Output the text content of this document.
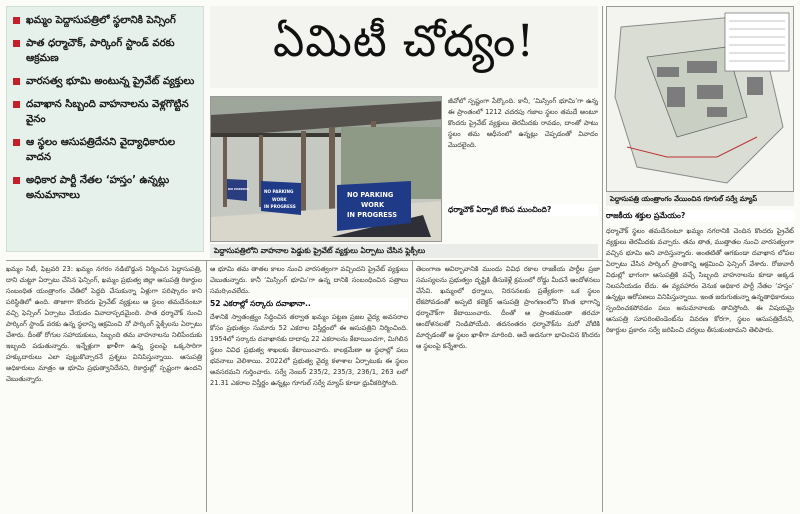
ఖమ్మం పెద్దాసుపత్రిలో స్థలానికి పెన్సింగ్‌
పాత ధర్మాచౌక్‌, పార్కింగ్‌ స్టాండ్‌ వరకు ఆక్రమణ
వారసత్వ భూమి అంటున్న ప్రైవేట్‌ వ్యక్తులు
దవాఖాన సిబ్బంది వాహనాలను వెళ్లగొట్టిన వైనం
ఆ స్థలం ఆసుపత్రిదేనని వైద్యాధికారుల వాదన
అధికార పార్టీ నేతల ‘హస్తం’ ఉన్నట్లు అనుమానాలు
ఏమిటీ చోద్యం!
NO PARKING
WORK
IN PROGRESS
NO PARKING
WORK
IN PROGRESS
NO PARKING

జీవోలో స్పష్టంగా పేర్కొంది. కానీ, ‘మిస్సింగ్‌ భూమి’గా ఉన్న ఈ ప్రాంతంలో 1212 చదరపు గజాల స్థలం తమదే అంటూ కొందరు ప్రైవేట్‌ వ్యక్తులు తెరమీదకు రావడం, దాంతో పాటు స్థలం తమ ఆధీనంలో ఉన్నట్లు చెప్పడంతో వివాదం మొదలైంది.

ధర్మాచౌక్‌ ఏర్పాటే కొంప ముంచింది?
పెద్దాసుపత్రిలోని వాహనాల పెడ్డుకు ప్రైవేట్‌ వ్యక్తులు ఏర్పాటు చేసిన ఫ్లెక్సీలు
పెద్దాసుపత్రి యంత్రాంగం వేయించిన గూగుల్‌ సర్వే మ్యాప్‌
రాజకీయ శక్తుల ప్రమేయం?

ఖమ్మం సిటీ, ఫిబ్రవరి 23: ఖమ్మం నగరం నడిబొడ్డున నిర్మించిన పెద్దాసుపత్రి, దాని చుట్టూ ఏర్పాటు చేసిన ఫెన్సింగ్‌, ఖమ్మం ప్రభుత్వ జిల్లా ఆసుపత్రి రికార్డుల సంబంధిత యంత్రాంగం చేతిలో పెద్దది చేసుకున్నా ఏళ్లుగా పరిష్కారం కాని పరిస్థితిలో ఉంది. తాజాగా కొందరు ప్రైవేట్‌ వ్యక్తులు ఆ స్థలం తమదేనంటూ వచ్చి ఫెన్సింగ్‌ ఏర్పాటు చేయడం వివాదాస్పదమైంది. పాత ధర్మాచౌక్‌ నుంచి పార్కింగ్‌ స్టాండ్‌ వరకు ఉన్న స్థలాన్ని ఆక్రమించి నో పార్కింగ్‌ ఫ్లెక్సీలను ఏర్పాటు చేశారు. దీంతో రోగుల సహాయకులు, సిబ్బంది తమ వాహనాలను నిలిపేందుకు ఇబ్బంది పడుతున్నారు. ఇన్నేళ్లుగా ఖాళీగా ఉన్న స్థలంపై ఒక్కసారిగా హక్కుదారులు ఎలా పుట్టుకొచ్చారనే ప్రశ్నలు వినిపిస్తున్నాయి. ఆసుపత్రి అధికారులు మాత్రం ఆ భూమి ప్రభుత్వానిదేనని, రికార్డుల్లో స్పష్టంగా ఉందని చెబుతున్నారు.

ఆ భూమి తమ తాతల కాలం నుంచి వారసత్వంగా వచ్చిందని ప్రైవేట్‌ వ్యక్తులు చెబుతున్నారు. కానీ ‘మిస్సింగ్‌ భూమి’గా ఉన్న దానికి సంబంధించిన పత్రాలు సమర్పించలేదు.

52 ఎకరాల్లో సర్కారు దవాఖానా..

దేశానికి స్వాతంత్ర్యం సిద్ధించిన తర్వాత ఖమ్మం పట్టణ ప్రజల వైద్య అవసరాల కోసం ప్రభుత్వం సుమారు 52 ఎకరాల విస్తీర్ణంలో ఈ ఆసుపత్రిని నిర్మించింది. 1954లో సర్కారు దవాఖానకు దాదాపు 22 ఎకరాలను కేటాయించగా, మిగిలిన స్థలం వివిధ ప్రభుత్వ శాఖలకు కేటాయించారు. కాలక్రమేణా ఆ స్థలాల్లో పలు భవనాలు వెలిశాయి. 2022లో ప్రభుత్వ వైద్య కళాశాల ఏర్పాటుకు ఈ స్థలం అవసరమని గుర్తించారు. సర్వే నెంబర్‌ 235/2, 235/3, 236/1, 263 లలో 21.31 ఎకరాల విస్తీర్ణం ఉన్నట్లు గూగుల్‌ సర్వే మ్యాప్‌ కూడా ధ్రువీకరిస్తోంది.

తెలంగాణ ఆవిర్భావానికి ముందు వివిధ రకాల రాజకీయ పార్టీల ప్రజా సమస్యలను ప్రభుత్వం దృష్టికి తీసుకెళ్లే క్రమంలో రోడ్డు మీదనే ఆందోళనలు చేసేవి. ఖమ్మంలో ధర్నాలు, నిరసనలకు ప్రత్యేకంగా ఒక స్థలం లేకపోవడంతో అప్పటి కలెక్టర్‌ ఆసుపత్రి ప్రాంగణంలోని కొంత భాగాన్ని ధర్మాచౌక్‌గా కేటాయించారు. దీంతో ఆ ప్రాంతమంతా తరచూ ఆందోళనలతో నిండిపోయేది. తదనంతరం ధర్మాచౌక్‌ను మరో చోటికి మార్చడంతో ఆ స్థలం ఖాళీగా మారింది. అదే అదనుగా భావించిన కొందరు ఆ స్థలంపై కన్నేశారు.

ధర్మాచౌక్‌ స్థలం తమదేనంటూ ఖమ్మం నగరానికి చెందిన కొందరు ప్రైవేట్‌ వ్యక్తులు తెరమీదకు వచ్చారు. తమ తాత, ముత్తాతల నుంచి వారసత్వంగా వచ్చిన భూమి అని వాదిస్తున్నారు. అంతటితో ఆగకుండా దవాఖాన లోపల ఏర్పాటు చేసిన పార్కింగ్‌ ప్రాంతాన్ని ఆక్రమించి ఫెన్సింగ్‌ వేశారు. రోజువారీ విధుల్లో భాగంగా ఆసుపత్రికి వచ్చే సిబ్బంది వాహనాలను కూడా అక్కడ నిలపనీయడం లేదు. ఈ వ్యవహారం వెనుక అధికార పార్టీ నేతల ‘హస్తం’ ఉన్నట్లు ఆరోపణలు వినిపిస్తున్నాయి. ఇంత జరుగుతున్నా ఉన్నతాధికారులు స్పందించకపోవడం పలు అనుమానాలకు తావిస్తోంది. ఈ విషయమై ఆసుపత్రి సూపరింటెండెంట్‌ను వివరణ కోరగా, స్థలం ఆసుపత్రిదేనని, రికార్డుల ప్రకారం సర్వే జరిపించి చర్యలు తీసుకుంటామని తెలిపారు.
